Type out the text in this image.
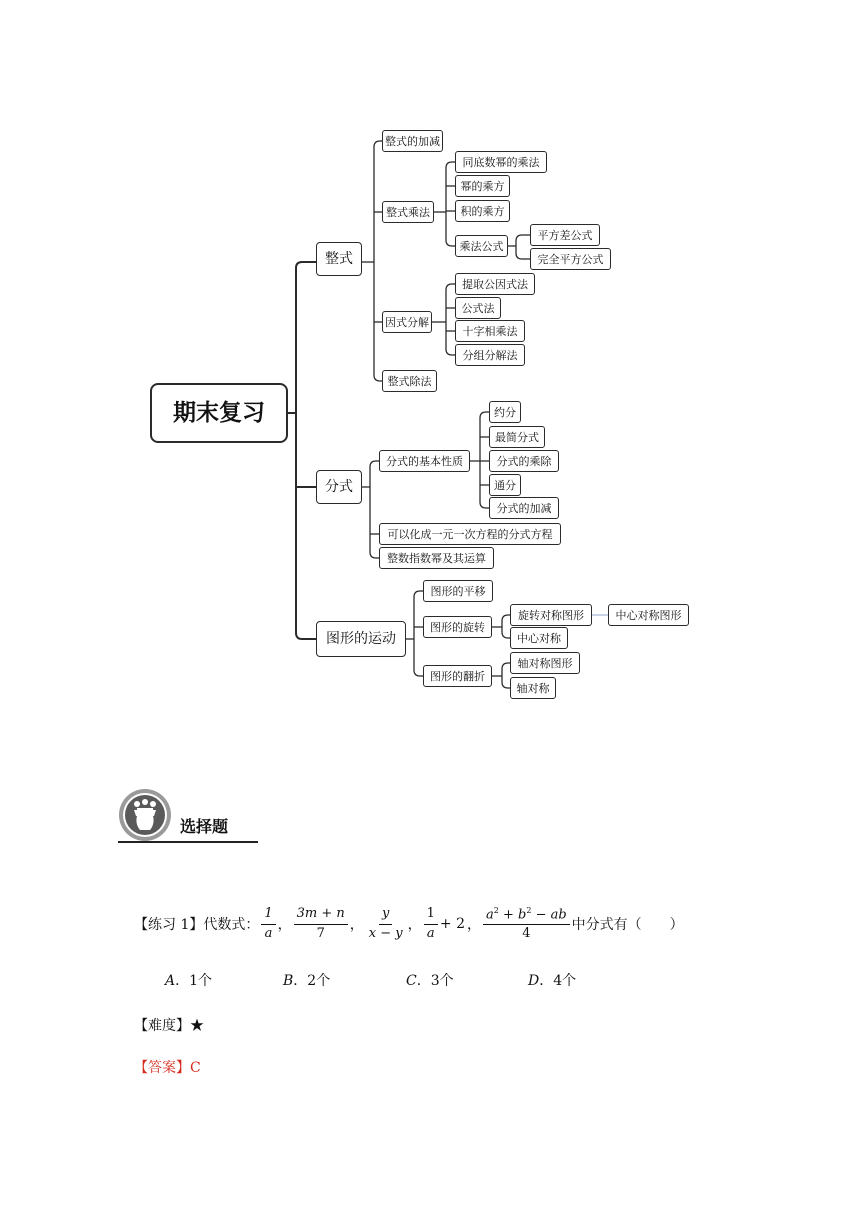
期末复习
整式
整式的加减
整式乘法
同底数幂的乘法
幂的乘方
积的乘方
乘法公式
平方差公式
完全平方公式
因式分解
提取公因式法
公式法
十字相乘法
分组分解法
整式除法
分式
分式的基本性质
约分
最简分式
分式的乘除
通分
分式的加减
可以化成一元一次方程的分式方程
整数指数幂及其运算
图形的运动
图形的平移
图形的旋转
旋转对称图形	中心对称图形
中心对称
图形的翻折
轴对称图形
轴对称
选择题
【练习 1】代数式： $\frac{1}{a}$ ， $\frac{3m + n}{7}$ ， $\frac{y}{x - y}$ ， $\frac{1}{a} + 2$ ， $\frac{a^2 + b^2 - ab}{4}$ 中分式有（　　）
A．1个	B．2个	C．3个	D．4个
【难度】★
【答案】C
